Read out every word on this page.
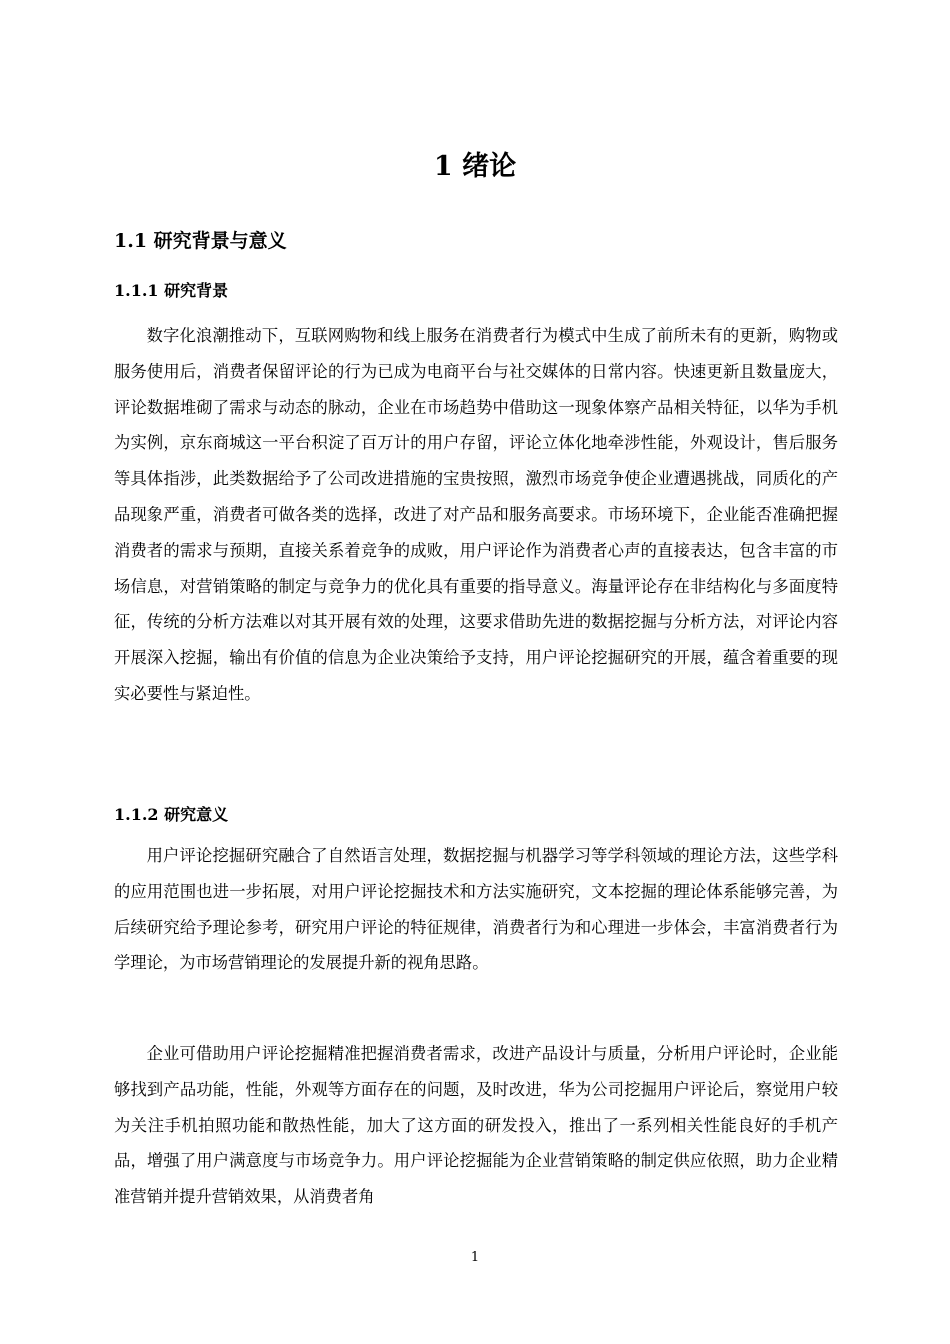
1 绪论
1.1 研究背景与意义
1.1.1 研究背景

数字化浪潮推动下，互联网购物和线上服务在消费者行为模式中生成了前所未有的更新，购物或服务使用后，消费者保留评论的行为已成为电商平台与社交媒体的日常内容。快速更新且数量庞大，评论数据堆砌了需求与动态的脉动，企业在市场趋势中借助这一现象体察产品相关特征，以华为手机为实例，京东商城这一平台积淀了百万计的用户存留，评论立体化地牵涉性能，外观设计，售后服务等具体指涉，此类数据给予了公司改进措施的宝贵按照，激烈市场竞争使企业遭遇挑战，同质化的产品现象严重，消费者可做各类的选择，改进了对产品和服务高要求。市场环境下，企业能否准确把握消费者的需求与预期，直接关系着竞争的成败，用户评论作为消费者心声的直接表达，包含丰富的市场信息，对营销策略的制定与竞争力的优化具有重要的指导意义。海量评论存在非结构化与多面度特征，传统的分析方法难以对其开展有效的处理，这要求借助先进的数据挖掘与分析方法，对评论内容开展深入挖掘，输出有价值的信息为企业决策给予支持，用户评论挖掘研究的开展，蕴含着重要的现实必要性与紧迫性。

1.1.2 研究意义

用户评论挖掘研究融合了自然语言处理，数据挖掘与机器学习等学科领域的理论方法，这些学科的应用范围也进一步拓展，对用户评论挖掘技术和方法实施研究，文本挖掘的理论体系能够完善，为后续研究给予理论参考，研究用户评论的特征规律，消费者行为和心理进一步体会，丰富消费者行为学理论，为市场营销理论的发展提升新的视角思路。

企业可借助用户评论挖掘精准把握消费者需求，改进产品设计与质量，分析用户评论时，企业能够找到产品功能，性能，外观等方面存在的问题，及时改进，华为公司挖掘用户评论后，察觉用户较为关注手机拍照功能和散热性能，加大了这方面的研发投入，推出了一系列相关性能良好的手机产品，增强了用户满意度与市场竞争力。用户评论挖掘能为企业营销策略的制定供应依照，助力企业精准营销并提升营销效果，从消费者角

1
